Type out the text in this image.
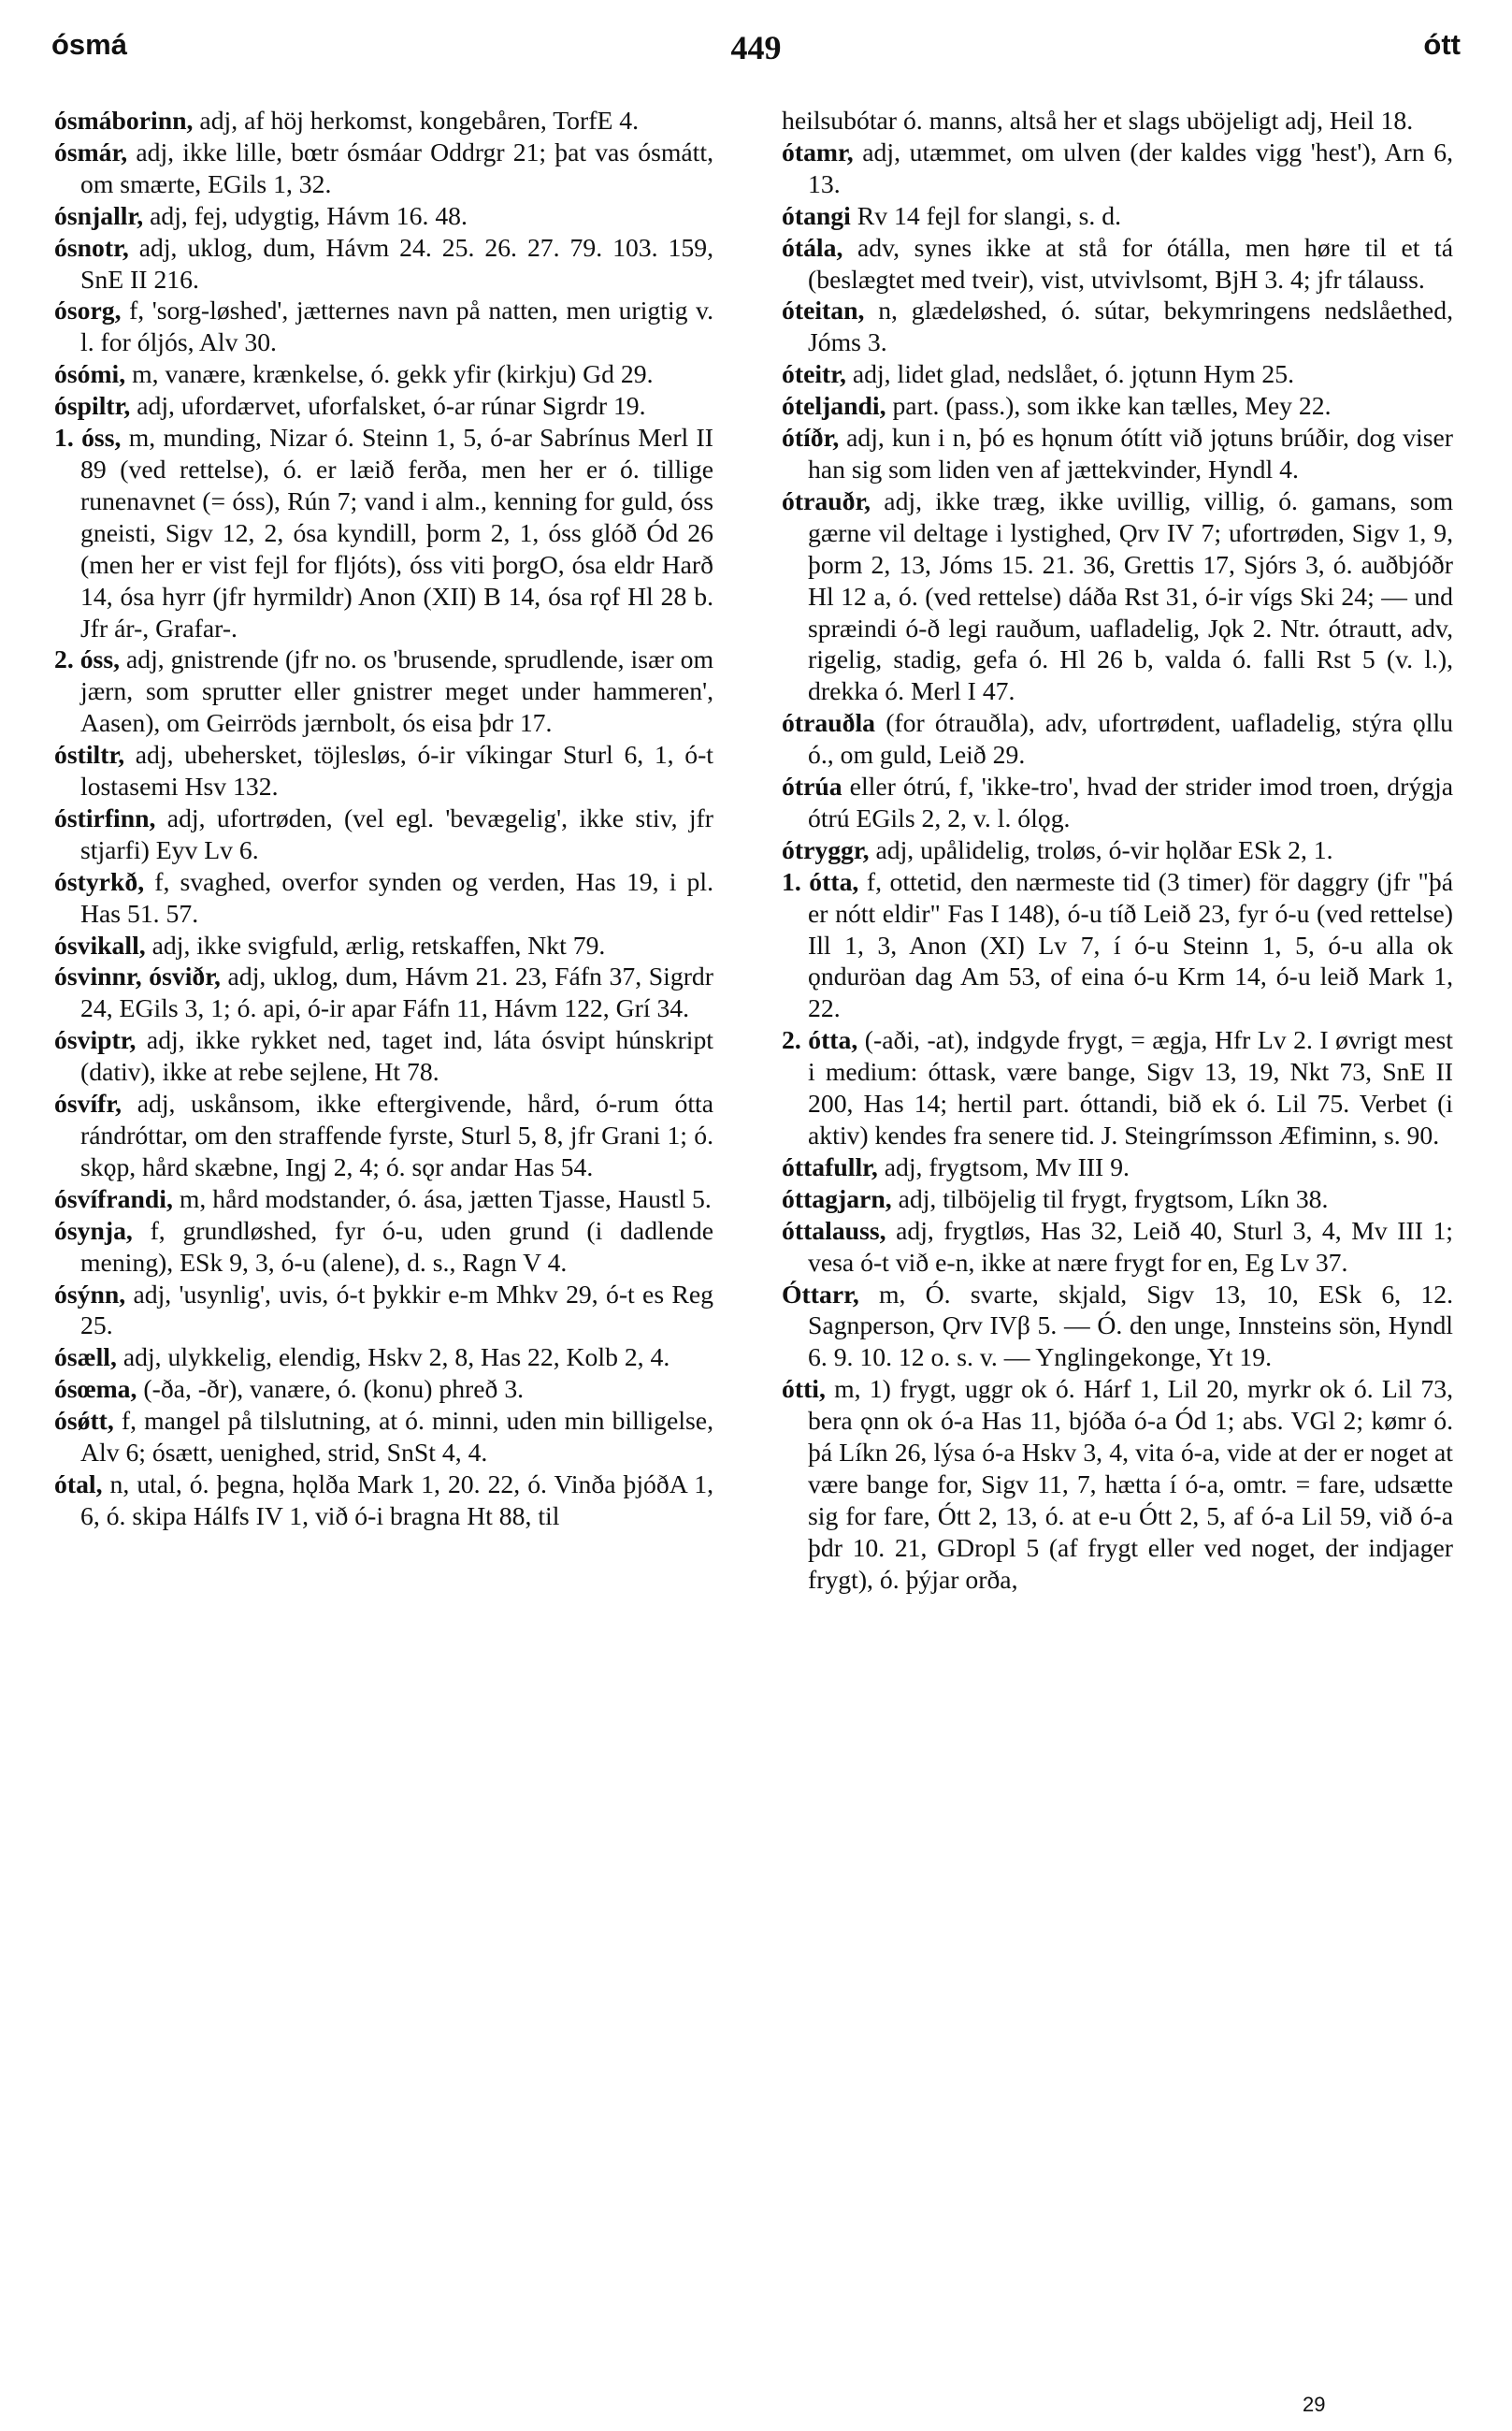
ósmá	449	ótt

ósmáborinn, adj, af höj herkomst, kongebåren, TorfE 4.

ósmár, adj, ikke lille, bœtr ósmáar Oddrgr 21; þat vas ósmátt, om smærte, EGils 1, 32.

ósnjallr, adj, fej, udygtig, Hávm 16. 48.

ósnotr, adj, uklog, dum, Hávm 24. 25. 26. 27. 79. 103. 159, SnE II 216.

ósorg, f, 'sorg-løshed', jætternes navn på natten, men urigtig v. l. for óljós, Alv 30.

ósómi, m, vanære, krænkelse, ó. gekk yfir (kirkju) Gd 29.

óspiltr, adj, ufordærvet, uforfalsket, ó-ar rúnar Sigrdr 19.

1. óss, m, munding, Nizar ó. Steinn 1, 5, ó-ar Sabrínus Merl II 89 (ved rettelse), ó. er læið ferða, men her er ó. tillige runenavnet (= óss), Rún 7; vand i alm., kenning for guld, óss gneisti, Sigv 12, 2, ósa kyndill, þorm 2, 1, óss glóð Ód 26 (men her er vist fejl for fljóts), óss viti þorgO, ósa eldr Harð 14, ósa hyrr (jfr hyrmildr) Anon (XII) B 14, ósa rǫf Hl 28 b. Jfr ár-, Grafar-.

2. óss, adj, gnistrende (jfr no. os 'brusende, sprudlende, især om jærn, som sprutter eller gnistrer meget under hammeren', Aasen), om Geirröds jærnbolt, ós eisa þdr 17.

óstiltr, adj, ubehersket, töjlesløs, ó-ir víkingar Sturl 6, 1, ó-t lostasemi Hsv 132.

óstirfinn, adj, ufortrøden, (vel egl. 'bevægelig', ikke stiv, jfr stjarfi) Eyv Lv 6.

óstyrkð, f, svaghed, overfor synden og verden, Has 19, i pl. Has 51. 57.

ósvikall, adj, ikke svigfuld, ærlig, retskaffen, Nkt 79.

ósvinnr, ósviðr, adj, uklog, dum, Hávm 21. 23, Fáfn 37, Sigrdr 24, EGils 3, 1; ó. api, ó-ir apar Fáfn 11, Hávm 122, Grí 34.

ósviptr, adj, ikke rykket ned, taget ind, láta ósvipt húnskript (dativ), ikke at rebe sejlene, Ht 78.

ósvífr, adj, uskånsom, ikke eftergivende, hård, ó-rum ótta rándróttar, om den straffende fyrste, Sturl 5, 8, jfr Grani 1; ó. skǫp, hård skæbne, Ingj 2, 4; ó. sǫr andar Has 54.

ósvífrandi, m, hård modstander, ó. ása, jætten Tjasse, Haustl 5.

ósynja, f, grundløshed, fyr ó-u, uden grund (i dadlende mening), ESk 9, 3, ó-u (alene), d. s., Ragn V 4.

ósýnn, adj, 'usynlig', uvis, ó-t þykkir e-m Mhkv 29, ó-t es Rеg 25.

ósæll, adj, ulykkelig, elendig, Hskv 2, 8, Has 22, Kolb 2, 4.

ósœma, (-ða, -ðr), vanære, ó. (konu) phreð 3.

ósǿtt, f, mangel på tilslutning, at ó. minni, uden min billigelse, Alv 6; ósætt, uenighed, strid, SnSt 4, 4.

ótal, n, utal, ó. þegna, hǫlða Mark 1, 20. 22, ó. Vinða þjóðA 1, 6, ó. skipa Hálfs IV 1, við ó-i bragna Ht 88, til

heilsubótar ó. manns, altså her et slags uböjeligt adj, Heil 18.

ótamr, adj, utæmmet, om ulven (der kaldes vigg 'hest'), Arn 6, 13.

ótangi Rv 14 fejl for slangi, s. d.

ótála, adv, synes ikke at stå for ótálla, men høre til et tá (beslægtet med tveir), vist, utvivlsomt, BjH 3. 4; jfr tálauss.

óteitan, n, glædeløshed, ó. sútar, bekymringens nedslåethed, Jóms 3.

óteitr, adj, lidet glad, nedslået, ó. jǫtunn Hym 25.

óteljandi, part. (pass.), som ikke kan tælles, Mey 22.

ótíðr, adj, kun i n, þó es hǫnum ótítt við jǫtuns brúðir, dog viser han sig som liden ven af jættekvinder, Hyndl 4.

ótrauðr, adj, ikke træg, ikke uvillig, villig, ó. gamans, som gærne vil deltage i lystighed, Ǫrv IV 7; ufortrøden, Sigv 1, 9, þorm 2, 13, Jóms 15. 21. 36, Grettis 17, Sjórs 3, ó. auðbjóðr Hl 12 a, ó. (ved rettelse) dáða Rst 31, ó-ir vígs Ski 24; — und spræindi ó-ð legi rauðum, uafladelig, Jǫk 2. Ntr. ótrautt, adv, rigelig, stadig, gefa ó. Hl 26 b, valda ó. falli Rst 5 (v. l.), drekka ó. Merl I 47.

ótrauðla (for ótrauðla), adv, ufortrødent, uafladelig, stýra ǫllu ó., om guld, Leið 29.

ótrúa eller ótrú, f, 'ikke-tro', hvad der strider imod troen, drýgja ótrú EGils 2, 2, v. l. ólǫg.

ótryggr, adj, upålidelig, troløs, ó-vir hǫlðar ESk 2, 1.

1. ótta, f, ottetid, den nærmeste tid (3 timer) för daggry (jfr "þá er nótt eldir" Fas I 148), ó-u tíð Leið 23, fyr ó-u (ved rettelse) Ill 1, 3, Anon (XI) Lv 7, í ó-u Steinn 1, 5, ó-u alla ok ǫnduröan dag Am 53, of eina ó-u Krm 14, ó-u leið Mark 1, 22.

2. ótta, (-aði, -at), indgyde frygt, = ægja, Hfr Lv 2. I øvrigt mest i medium: óttask, være bange, Sigv 13, 19, Nkt 73, SnE II 200, Has 14; hertil part. óttandi, bið ek ó. Lil 75. Verbet (i aktiv) kendes fra senere tid. J. Steingrímsson Æfiminn, s. 90.

óttafullr, adj, frygtsom, Mv III 9.

óttagjarn, adj, tilböjelig til frygt, frygtsom, Líkn 38.

óttalauss, adj, frygtløs, Has 32, Leið 40, Sturl 3, 4, Mv III 1; vesa ó-t við e-n, ikke at nære frygt for en, Eg Lv 37.

Óttarr, m, Ó. svarte, skjald, Sigv 13, 10, ESk 6, 12. Sagnperson, Ǫrv IVβ 5. — Ó. den unge, Innsteins sön, Hyndl 6. 9. 10. 12 o. s. v. — Ynglingekonge, Yt 19.

ótti, m, 1) frygt, uggr ok ó. Hárf 1, Lil 20, myrkr ok ó. Lil 73, bera ǫnn ok ó-a Has 11, bjóða ó-a Ód 1; abs. VGl 2; kømr ó. þá Líkn 26, lýsa ó-a Hskv 3, 4, vita ó-a, vide at der er noget at være bange for, Sigv 11, 7, hætta í ó-a, omtr. = fare, udsætte sig for fare, Ótt 2, 13, ó. at e-u Ótt 2, 5, af ó-a Lil 59, við ó-a þdr 10. 21, GDropl 5 (af frygt eller ved noget, der indjager frygt), ó. þýjar orða,

29
